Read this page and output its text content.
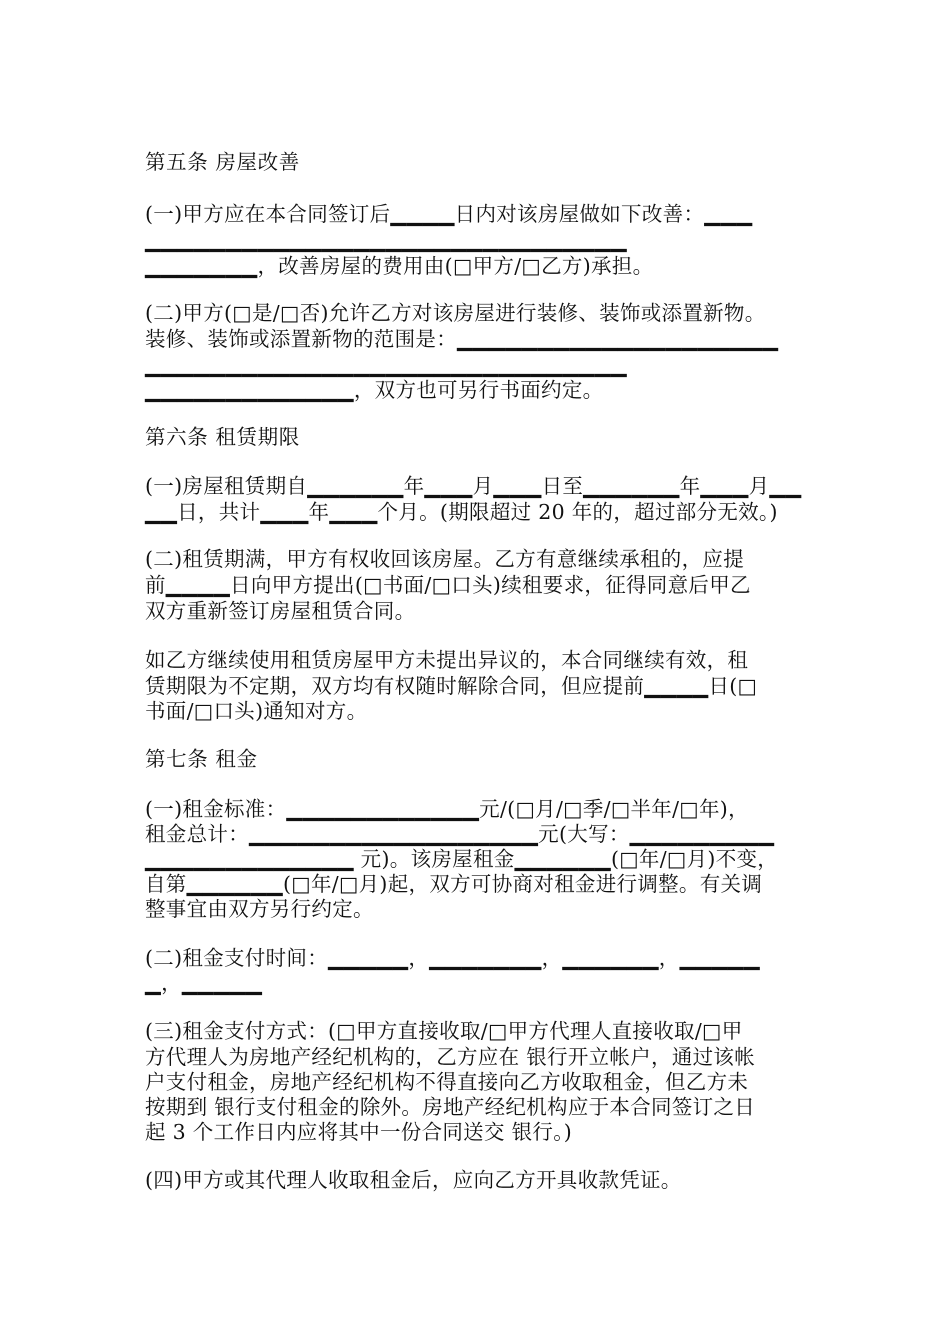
第五条 房屋改善
(一)甲方应在本合同签订后▁▁▁▁日内对该房屋做如下改善：▁▁▁
▁▁▁▁▁▁▁▁▁▁▁▁▁▁▁▁▁▁▁▁▁▁▁▁▁▁▁▁▁▁
▁▁▁▁▁▁▁，改善房屋的费用由(□甲方/□乙方)承担。
(二)甲方(□是/□否)允许乙方对该房屋进行装修、装饰或添置新物。
装修、装饰或添置新物的范围是：▁▁▁▁▁▁▁▁▁▁▁▁▁▁▁▁▁▁▁▁
▁▁▁▁▁▁▁▁▁▁▁▁▁▁▁▁▁▁▁▁▁▁▁▁▁▁▁▁▁▁
▁▁▁▁▁▁▁▁▁▁▁▁▁，双方也可另行书面约定。
第六条 租赁期限
(一)房屋租赁期自▁▁▁▁▁▁年▁▁▁月▁▁▁日至▁▁▁▁▁▁年▁▁▁月▁▁
▁▁日，共计▁▁▁年▁▁▁个月。(期限超过 20 年的，超过部分无效。)
(二)租赁期满，甲方有权收回该房屋。乙方有意继续承租的，应提
前▁▁▁▁日向甲方提出(□书面/□口头)续租要求，征得同意后甲乙
双方重新签订房屋租赁合同。
如乙方继续使用租赁房屋甲方未提出异议的，本合同继续有效，租
赁期限为不定期，双方均有权随时解除合同，但应提前▁▁▁▁日(□
书面/□口头)通知对方。
第七条 租金
(一)租金标准：▁▁▁▁▁▁▁▁▁▁▁▁元/(□月/□季/□半年/□年)，
租金总计：▁▁▁▁▁▁▁▁▁▁▁▁▁▁▁▁▁▁元(大写：▁▁▁▁▁▁▁▁▁
▁▁▁▁▁▁▁▁▁▁▁▁▁ 元)。该房屋租金▁▁▁▁▁▁(□年/□月)不变，
自第▁▁▁▁▁▁(□年/□月)起，双方可协商对租金进行调整。有关调
整事宜由双方另行约定。
(二)租金支付时间：▁▁▁▁▁，▁▁▁▁▁▁▁，▁▁▁▁▁▁，▁▁▁▁▁
▁，▁▁▁▁▁
(三)租金支付方式：(□甲方直接收取/□甲方代理人直接收取/□甲
方代理人为房地产经纪机构的，乙方应在 银行开立帐户，通过该帐
户支付租金，房地产经纪机构不得直接向乙方收取租金，但乙方未
按期到 银行支付租金的除外。房地产经纪机构应于本合同签订之日
起 3 个工作日内应将其中一份合同送交 银行。)
(四)甲方或其代理人收取租金后，应向乙方开具收款凭证。
